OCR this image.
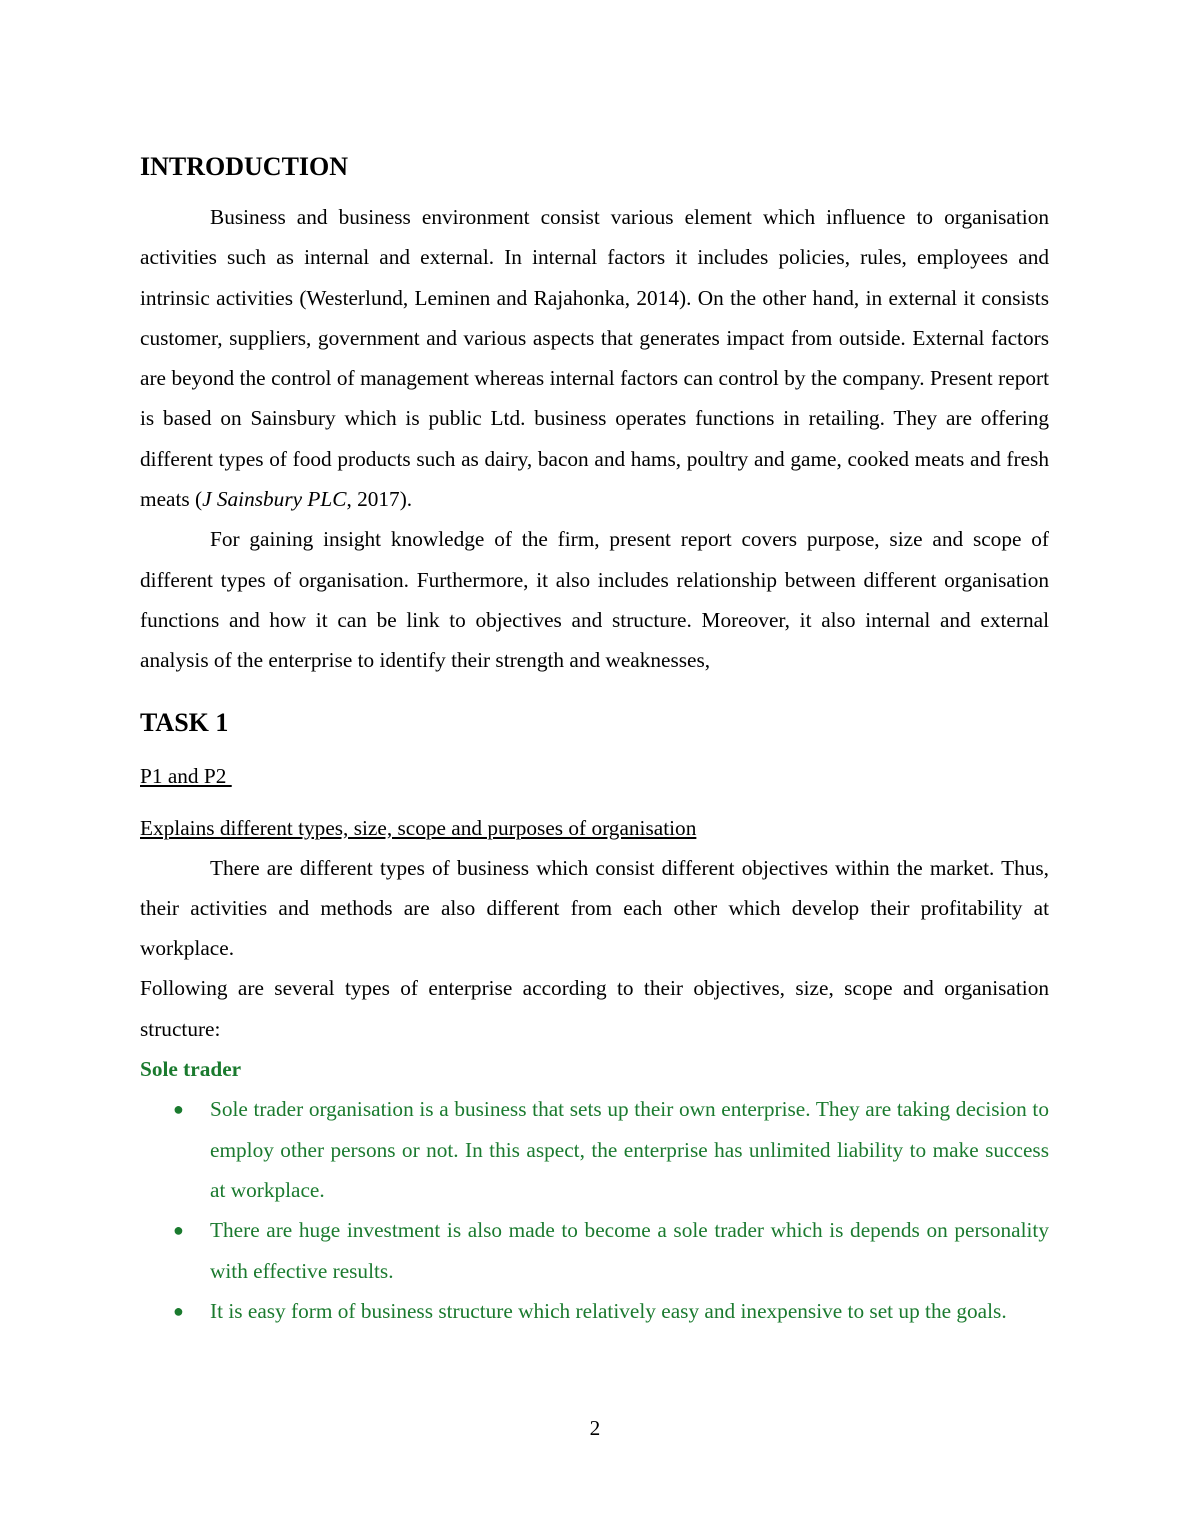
INTRODUCTION

Business and business environment consist various element which influence to organisation activities such as internal and external. In internal factors it includes policies, rules, employees and intrinsic activities (Westerlund, Leminen and Rajahonka, 2014). On the other hand, in external it consists customer, suppliers, government and various aspects that generates impact from outside. External factors are beyond the control of management whereas internal factors can control by the company. Present report is based on Sainsbury which is public Ltd. business operates functions in retailing. They are offering different types of food products such as dairy, bacon and hams, poultry and game, cooked meats and fresh meats (J Sainsbury PLC, 2017).

For gaining insight knowledge of the firm, present report covers purpose, size and scope of different types of organisation. Furthermore, it also includes relationship between different organisation functions and how it can be link to objectives and structure. Moreover, it also internal and external analysis of the enterprise to identify their strength and weaknesses,

TASK 1

P1 and P2

Explains different types, size, scope and purposes of organisation

There are different types of business which consist different objectives within the market. Thus, their activities and methods are also different from each other which develop their profitability at workplace.

Following are several types of enterprise according to their objectives, size, scope and organisation structure:

Sole trader

● Sole trader organisation is a business that sets up their own enterprise. They are taking decision to employ other persons or not. In this aspect, the enterprise has unlimited liability to make success at workplace.
● There are huge investment is also made to become a sole trader which is depends on personality with effective results.
● It is easy form of business structure which relatively easy and inexpensive to set up the goals.
2
